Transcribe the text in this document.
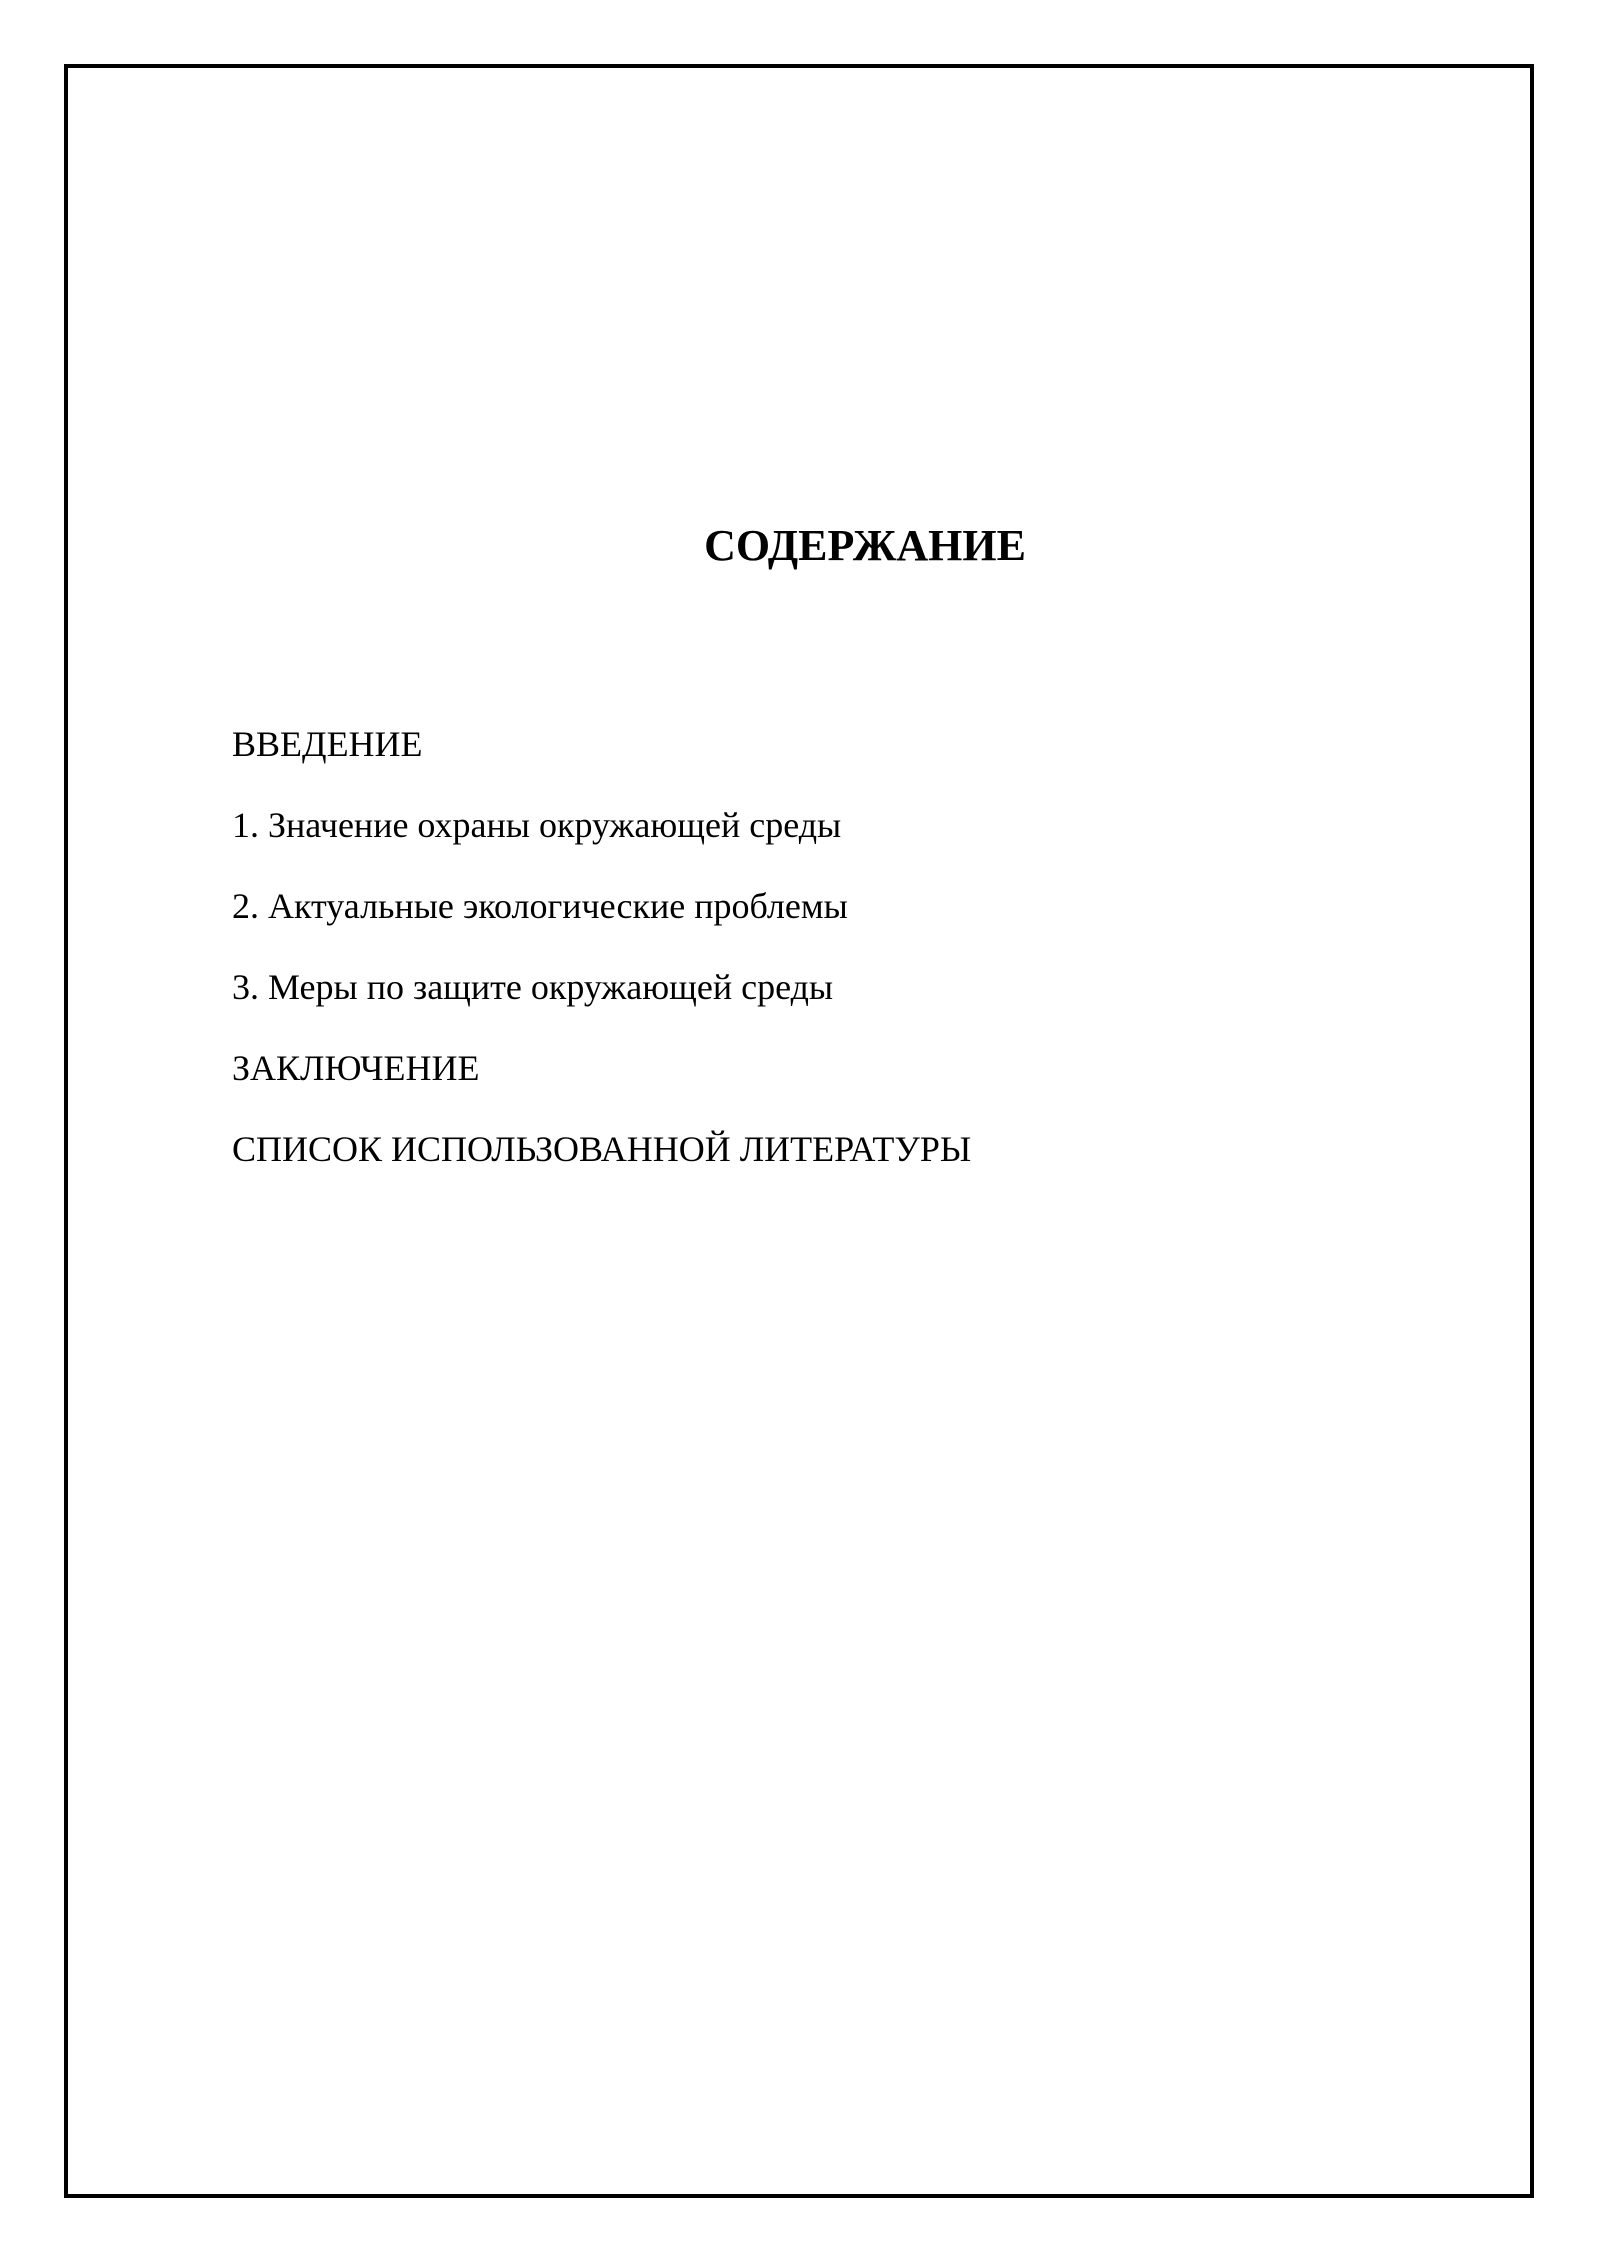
СОДЕРЖАНИЕ
ВВЕДЕНИЕ
1. Значение охраны окружающей среды
2. Актуальные экологические проблемы
3. Меры по защите окружающей среды
ЗАКЛЮЧЕНИЕ
СПИСОК ИСПОЛЬЗОВАННОЙ ЛИТЕРАТУРЫ
